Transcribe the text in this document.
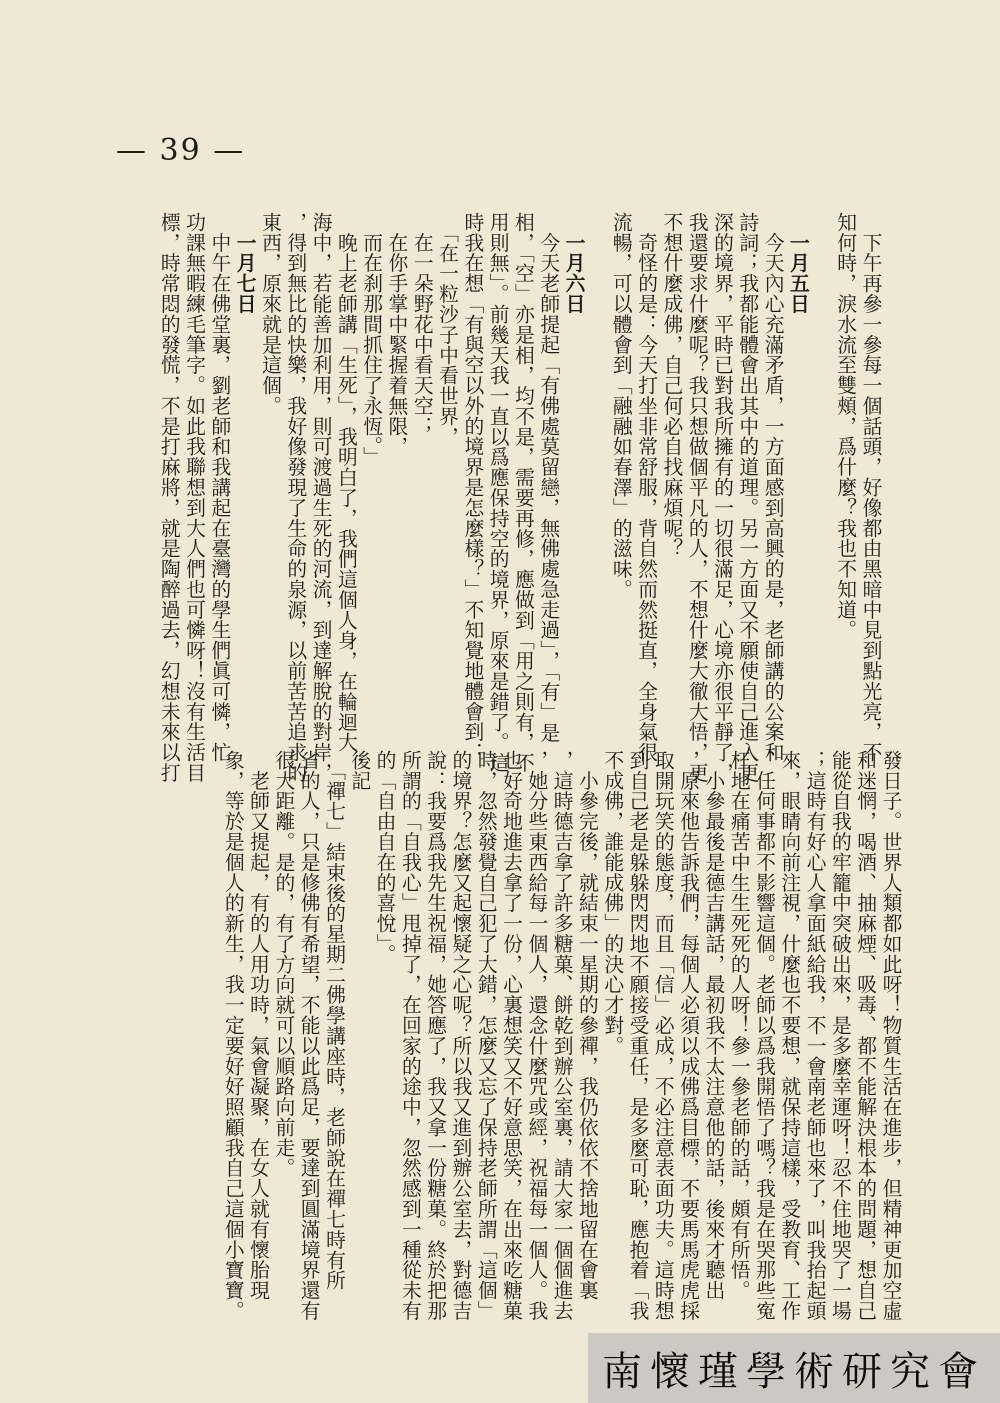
— 39 —
　下午再參一參每一個話頭，好像都由黑暗中見到點光亮，不
知何時，淚水流至雙頰，爲什麼？我也不知道。
　一月五日
　今天內心充滿矛盾，一方面感到高興的是，老師講的公案和
詩詞；我都能體會出其中的道理。另一方面又不願使自己進入更
深的境界，平時已對我所擁有的一切很滿足，心境亦很平靜了，
我還要求什麼呢？我只想做個平凡的人，不想什麼大徹大悟，更
不想什麼成佛，自己何必自找麻煩呢？
　奇怪的是：今天打坐非常舒服，背自然而然挺直，全身氣很
流暢，可以體會到「融融如春澤」的滋味。
　一月六日
　今天老師提起「有佛處莫留戀，無佛處急走過」，「有」是
相，「空」亦是相，均不是，需要再修，應做到「用之則有，不
用則無」。前幾天我一直以爲應保持空的境界，原來是錯了。這
時我在想「有與空以外的境界是怎麼樣？」不知覺地體會到：
　「在一粒沙子中看世界，
　在一朵野花中看天空；
　在你手掌中緊握着無限，
　而在刹那間抓住了永恆。」
　晚上老師講「生死」，我明白了，我們這個人身，在輪迴大
海中，若能善加利用，則可渡過生死的河流，到達解脫的對岸，
，得到無比的快樂，我好像發現了生命的泉源，以前苦苦追求的
東西，原來就是這個。
　一月七日
　中午在佛堂裏，劉老師和我講起在臺灣的學生們眞可憐，忙
功課無暇練毛筆字。如此我聯想到大人們也可憐呀！沒有生活目
標，時常悶的發慌，不是打麻將，就是陶醉過去，幻想未來以打
發日子。世界人類都如此呀！物質生活在進步，但精神更加空虛
和迷惘，喝酒、抽麻煙、吸毒、都不能解決根本的問題，想自己
能從自我的牢籠中突破出來，是多麼幸運呀！忍不住地哭了一場
；這時有好心人拿面紙給我，不一會南老師也來了，叫我抬起頭
來，眼睛向前注視，什麼也不要想，就保持這樣，受教育、工作
、任何事都不影響這個。老師以爲我開悟了嗎？我是在哭那些寃
枉地在痛苦中生生死死的人呀！參一參老師的話，頗有所悟。
　小參最後是德吉講話，最初我不太注意他的話，後來才聽出
，原來他告訴我們，每個人必須以成佛爲目標，不要馬馬虎虎採
取開玩笑的態度，而且「信」必成，不必注意表面功夫。這時想
到自己老是躲躲閃閃地不願接受重任，是多麼可恥，應抱着「我
不成佛，誰能成佛」的決心才對。
　小參完後，就結束一星期的參禪，我仍依依不捨地留在會裏
，這時德吉拿了許多糖菓、餅乾到辦公室裏，請大家一個個進去
，她分些東西給每一個人，還念什麼咒或經，祝福每一個人。我
也好奇地進去拿了一份，心裏想笑又不好意思笑，在出來吃糖菓
時，忽然發覺自己犯了大錯，怎麼又忘了保持老師所謂「這個」
的境界？怎麼又起懷疑之心呢？所以我又進到辦公室去，對德吉
說：我要爲我先生祝福，她答應了，我又拿一份糖菓。終於把那
所謂的「自我心」甩掉了，在回家的途中，忽然感到一種從未有
的「自由自在的喜悅」。
後記
　「禪七」結束後的星期二佛學講座時，老師說在禪七時有所
省的人，只是修佛有希望，不能以此爲足，要達到圓滿境界還有
很大距離。是的，有了方向就可以順路向前走。
　老師又提起，有的人用功時，氣會凝聚，在女人就有懷胎現
象，等於是個人的新生，我一定要好好照顧我自己這個小寶寶。
南懷瑾學術研究會
